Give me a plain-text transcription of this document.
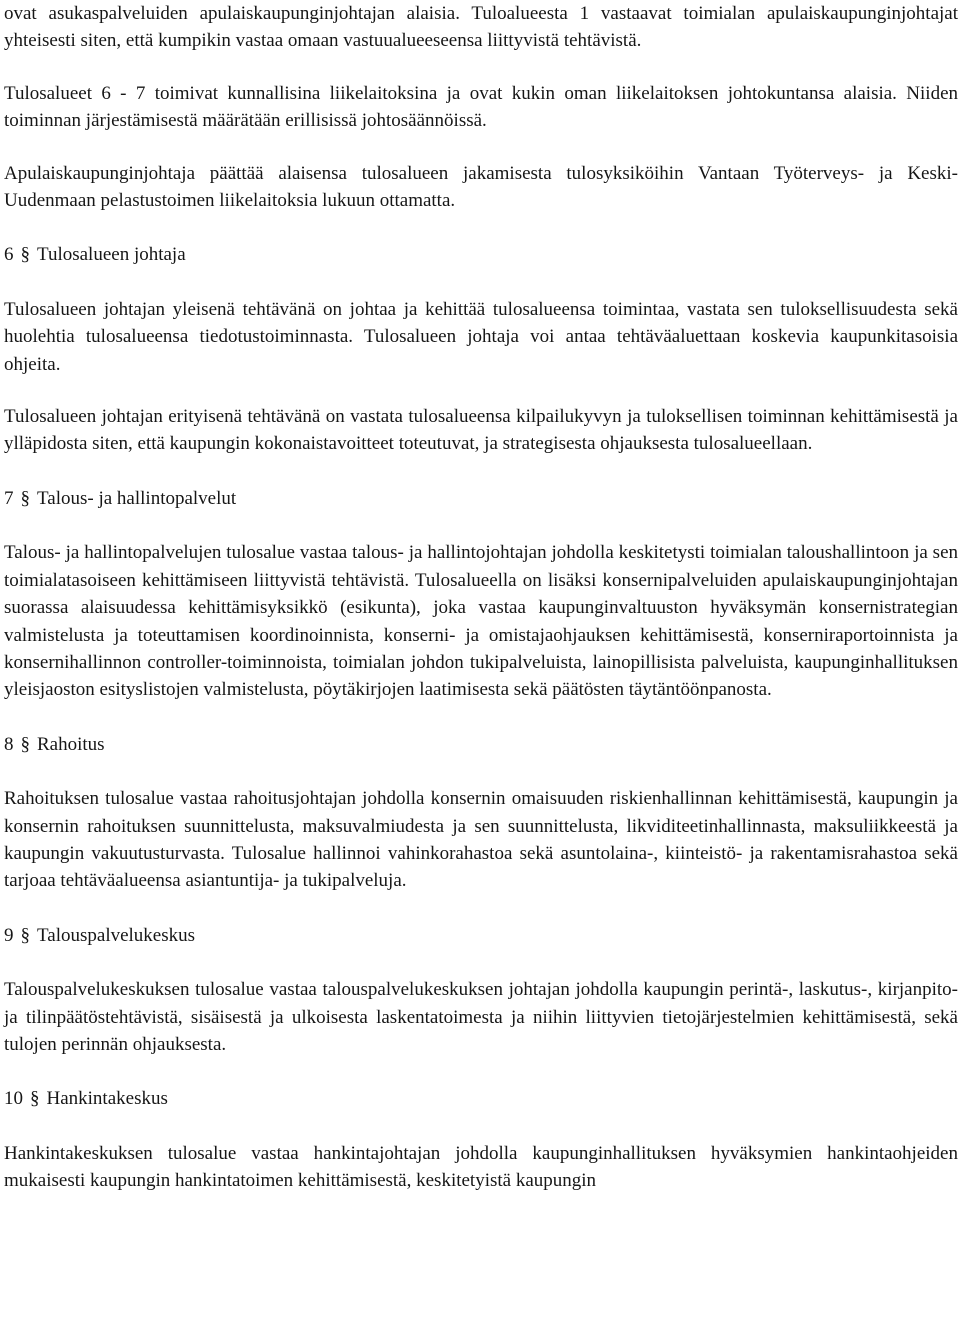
ovat asukaspalveluiden apulaiskaupunginjohtajan alaisia. Tuloalueesta 1 vastaavat toimialan apulaiskaupunginjohtajat yhteisesti siten, että kumpikin vastaa omaan vastuualueeseensa liittyvistä tehtävistä.

Tulosalueet 6 - 7 toimivat kunnallisina liikelaitoksina ja ovat kukin oman liikelaitoksen johtokuntansa alaisia. Niiden toiminnan järjestämisestä määrätään erillisissä johtosäännöissä.

Apulaiskaupunginjohtaja päättää alaisensa tulosalueen jakamisesta tulosyksiköihin Vantaan Työterveys- ja Keski-Uudenmaan pelastustoimen liikelaitoksia lukuun ottamatta.

6 § Tulosalueen johtaja

Tulosalueen johtajan yleisenä tehtävänä on johtaa ja kehittää tulosalueensa toimintaa, vastata sen tuloksellisuudesta sekä huolehtia tulosalueensa tiedotustoiminnasta. Tulosalueen johtaja voi antaa tehtäväaluettaan koskevia kaupunkitasoisia ohjeita.

Tulosalueen johtajan erityisenä tehtävänä on vastata tulosalueensa kilpailukyvyn ja tuloksellisen toiminnan kehittämisestä ja ylläpidosta siten, että kaupungin kokonaistavoitteet toteutuvat, ja strategisesta ohjauksesta tulosalueellaan.

7 § Talous- ja hallintopalvelut

Talous- ja hallintopalvelujen tulosalue vastaa talous- ja hallintojohtajan johdolla keskitetysti toimialan taloushallintoon ja sen toimialatasoiseen kehittämiseen liittyvistä tehtävistä. Tulosalueella on lisäksi konsernipalveluiden apulaiskaupunginjohtajan suorassa alaisuudessa kehittämisyksikkö (esikunta), joka vastaa kaupunginvaltuuston hyväksymän konsernistrategian valmistelusta ja toteuttamisen koordinoinnista, konserni- ja omistajaohjauksen kehittämisestä, konserniraportoinnista ja konsernihallinnon controller-toiminnoista, toimialan johdon tukipalveluista, lainopillisista palveluista, kaupunginhallituksen yleisjaoston esityslistojen valmistelusta, pöytäkirjojen laatimisesta sekä päätösten täytäntöönpanosta.

8 § Rahoitus

Rahoituksen tulosalue vastaa rahoitusjohtajan johdolla konsernin omaisuuden riskienhallinnan kehittämisestä, kaupungin ja konsernin rahoituksen suunnittelusta, maksuvalmiudesta ja sen suunnittelusta, likviditeetinhallinnasta, maksuliikkeestä ja kaupungin vakuutusturvasta. Tulosalue hallinnoi vahinkorahastoa sekä asuntolaina-, kiinteistö- ja rakentamisrahastoa sekä tarjoaa tehtäväalueensa asiantuntija- ja tukipalveluja.

9 § Talouspalvelukeskus

Talouspalvelukeskuksen tulosalue vastaa talouspalvelukeskuksen johtajan johdolla kaupungin perintä-, laskutus-, kirjanpito- ja tilinpäätöstehtävistä, sisäisestä ja ulkoisesta laskentatoimesta ja niihin liittyvien tietojärjestelmien kehittämisestä, sekä tulojen perinnän ohjauksesta.

10 § Hankintakeskus

Hankintakeskuksen tulosalue vastaa hankintajohtajan johdolla kaupunginhallituksen hyväksymien hankintaohjeiden mukaisesti kaupungin hankintatoimen kehittämisestä, keskitetyistä kaupungin
